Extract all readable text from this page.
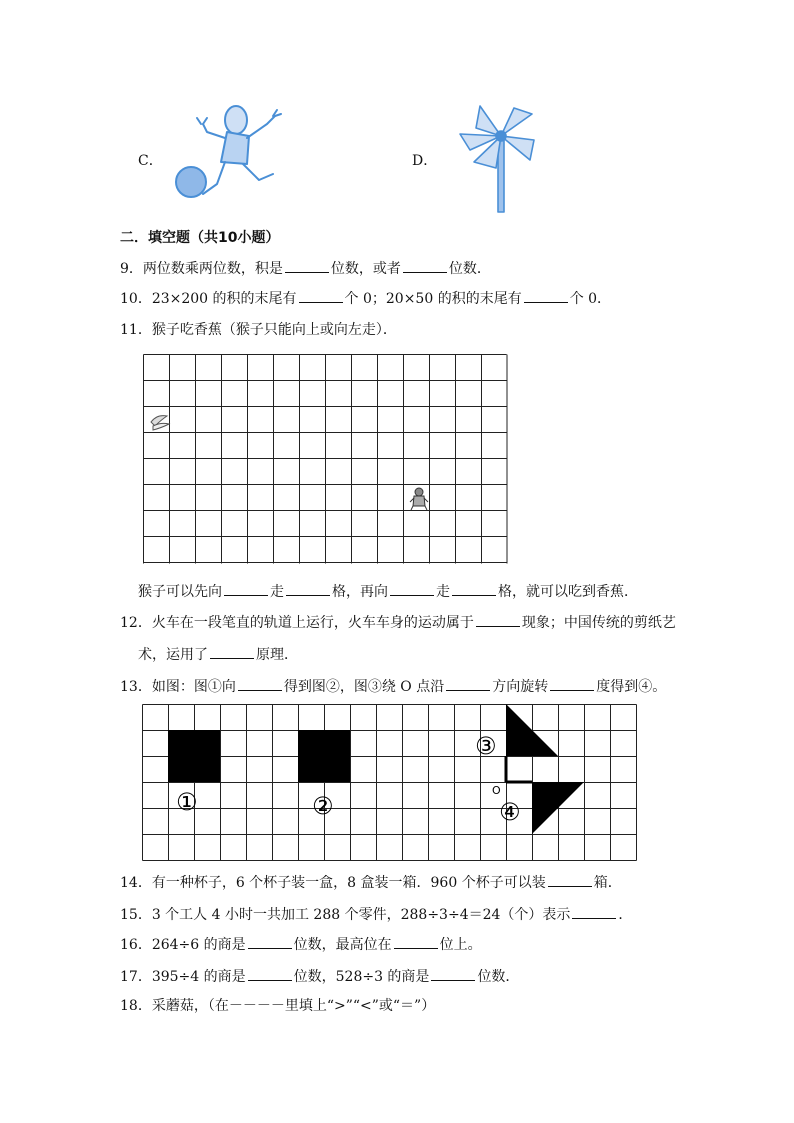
C．	D．
二．填空题（共10小题）
9．两位数乘两位数，积是	位数，或者	位数．
10．23×200 的积的末尾有	个 0；20×50 的积的末尾有	个 0．
11．猴子吃香蕉（猴子只能向上或向左走）．
猴子可以先向	走	格，再向	走	格，就可以吃到香蕉．
12．火车在一段笔直的轨道上运行，火车车身的运动属于	现象；中国传统的剪纸艺
术，运用了	原理．
13．如图：图①向	得到图②，图③绕 O 点沿	方向旋转	度得到④。
①	②
③
④
O
14．有一种杯子，6 个杯子装一盒，8 盒装一箱．960 个杯子可以装	箱．
15．3 个工人 4 小时一共加工 288 个零件，288÷3÷4＝24（个）表示	．
16．264÷6 的商是	位数，最高位在	位上。
17．395÷4 的商是	位数，528÷3 的商是	位数．
18．采蘑菇，（在－－－－里填上“>”“<”或“＝”）
